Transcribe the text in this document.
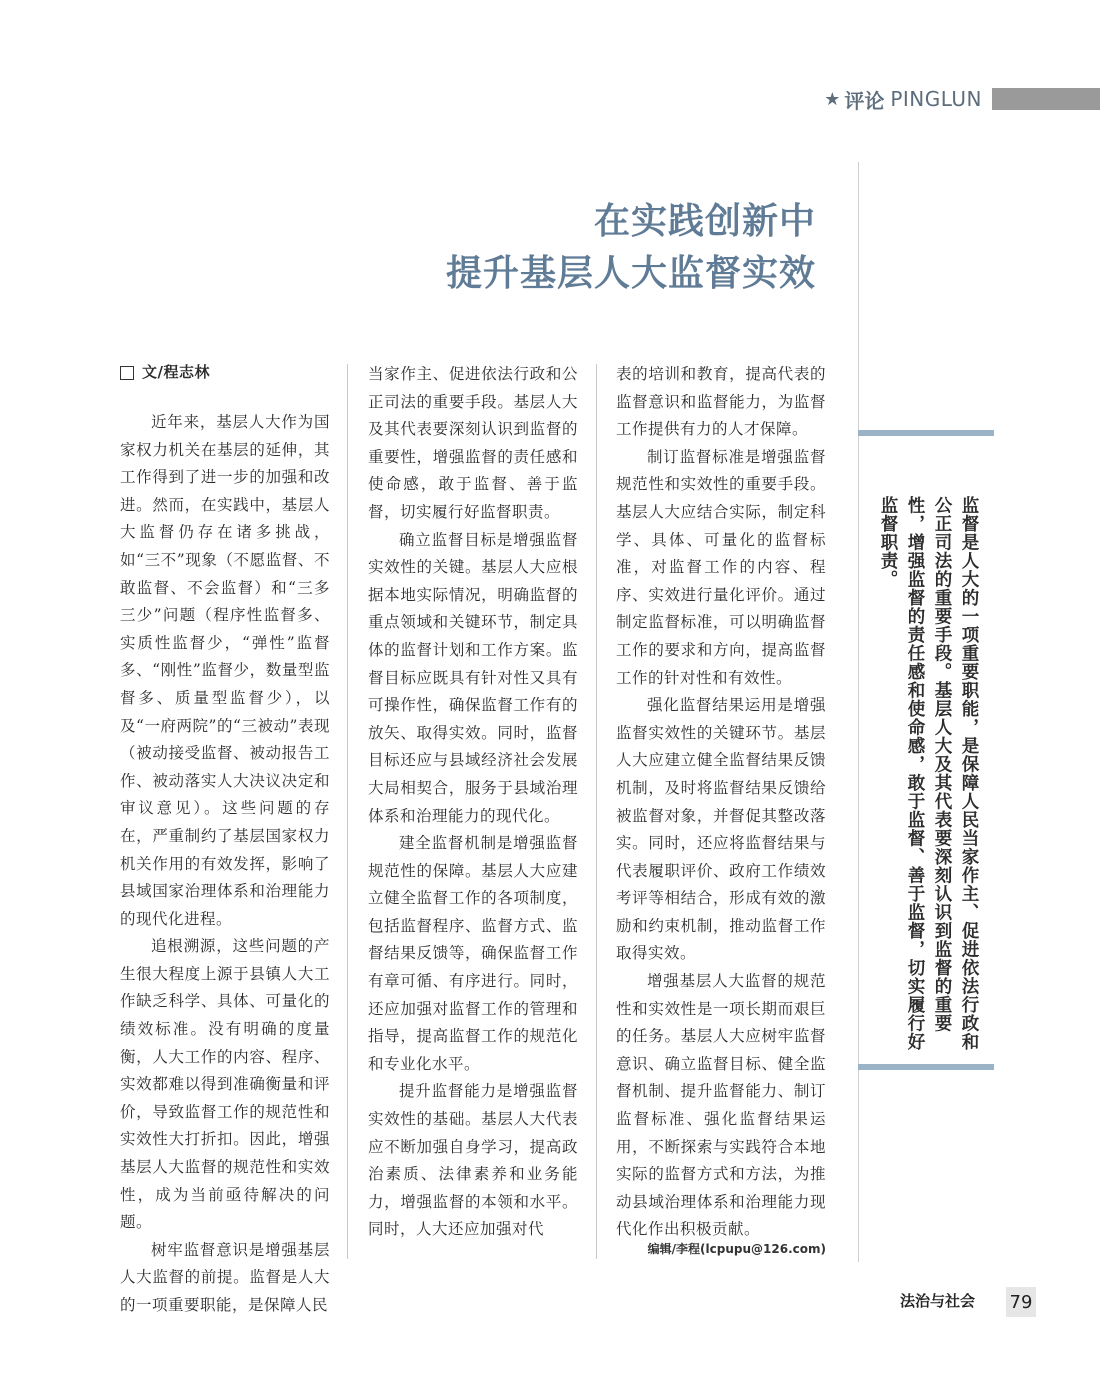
★ 评论 PINGLUN
在实践创新中
提升基层人大监督实效
文/程志林

近年来，基层人大作为国家权力机关在基层的延伸，其工作得到了进一步的加强和改进。然而，在实践中，基层人大监督仍存在诸多挑战，如“三不”现象（不愿监督、不敢监督、不会监督）和“三多三少”问题（程序性监督多、实质性监督少，“弹性”监督多、“刚性”监督少，数量型监督多、质量型监督少），以及“一府两院”的“三被动”表现（被动接受监督、被动报告工作、被动落实人大决议决定和审议意见）。这些问题的存在，严重制约了基层国家权力机关作用的有效发挥，影响了县域国家治理体系和治理能力的现代化进程。

追根溯源，这些问题的产生很大程度上源于县镇人大工作缺乏科学、具体、可量化的绩效标准。没有明确的度量衡，人大工作的内容、程序、实效都难以得到准确衡量和评价，导致监督工作的规范性和实效性大打折扣。因此，增强基层人大监督的规范性和实效性，成为当前亟待解决的问题。

树牢监督意识是增强基层人大监督的前提。监督是人大的一项重要职能，是保障人民

当家作主、促进依法行政和公正司法的重要手段。基层人大及其代表要深刻认识到监督的重要性，增强监督的责任感和使命感，敢于监督、善于监督，切实履行好监督职责。

确立监督目标是增强监督实效性的关键。基层人大应根据本地实际情况，明确监督的重点领域和关键环节，制定具体的监督计划和工作方案。监督目标应既具有针对性又具有可操作性，确保监督工作有的放矢、取得实效。同时，监督目标还应与县域经济社会发展大局相契合，服务于县域治理体系和治理能力的现代化。

建全监督机制是增强监督规范性的保障。基层人大应建立健全监督工作的各项制度，包括监督程序、监督方式、监督结果反馈等，确保监督工作有章可循、有序进行。同时，还应加强对监督工作的管理和指导，提高监督工作的规范化和专业化水平。

提升监督能力是增强监督实效性的基础。基层人大代表应不断加强自身学习，提高政治素质、法律素养和业务能力，增强监督的本领和水平。同时，人大还应加强对代

表的培训和教育，提高代表的监督意识和监督能力，为监督工作提供有力的人才保障。

制订监督标准是增强监督规范性和实效性的重要手段。基层人大应结合实际，制定科学、具体、可量化的监督标准，对监督工作的内容、程序、实效进行量化评价。通过制定监督标准，可以明确监督工作的要求和方向，提高监督工作的针对性和有效性。

强化监督结果运用是增强监督实效性的关键环节。基层人大应建立健全监督结果反馈机制，及时将监督结果反馈给被监督对象，并督促其整改落实。同时，还应将监督结果与代表履职评价、政府工作绩效考评等相结合，形成有效的激励和约束机制，推动监督工作取得实效。

增强基层人大监督的规范性和实效性是一项长期而艰巨的任务。基层人大应树牢监督意识、确立监督目标、健全监督机制、提升监督能力、制订监督标准、强化监督结果运用，不断探索与实践符合本地实际的监督方式和方法，为推动县域治理体系和治理能力现代化作出积极贡献。

编辑/李程(lcpupu@126.com)
监督是人大的一项重要职能，是保障人民当家作主、促进依法行政和公正司法的重要手段。基层人大及其代表要深刻认识到监督的重要性，增强监督的责任感和使命感，敢于监督、善于监督，切实履行好监督职责。
法治与社会 79
